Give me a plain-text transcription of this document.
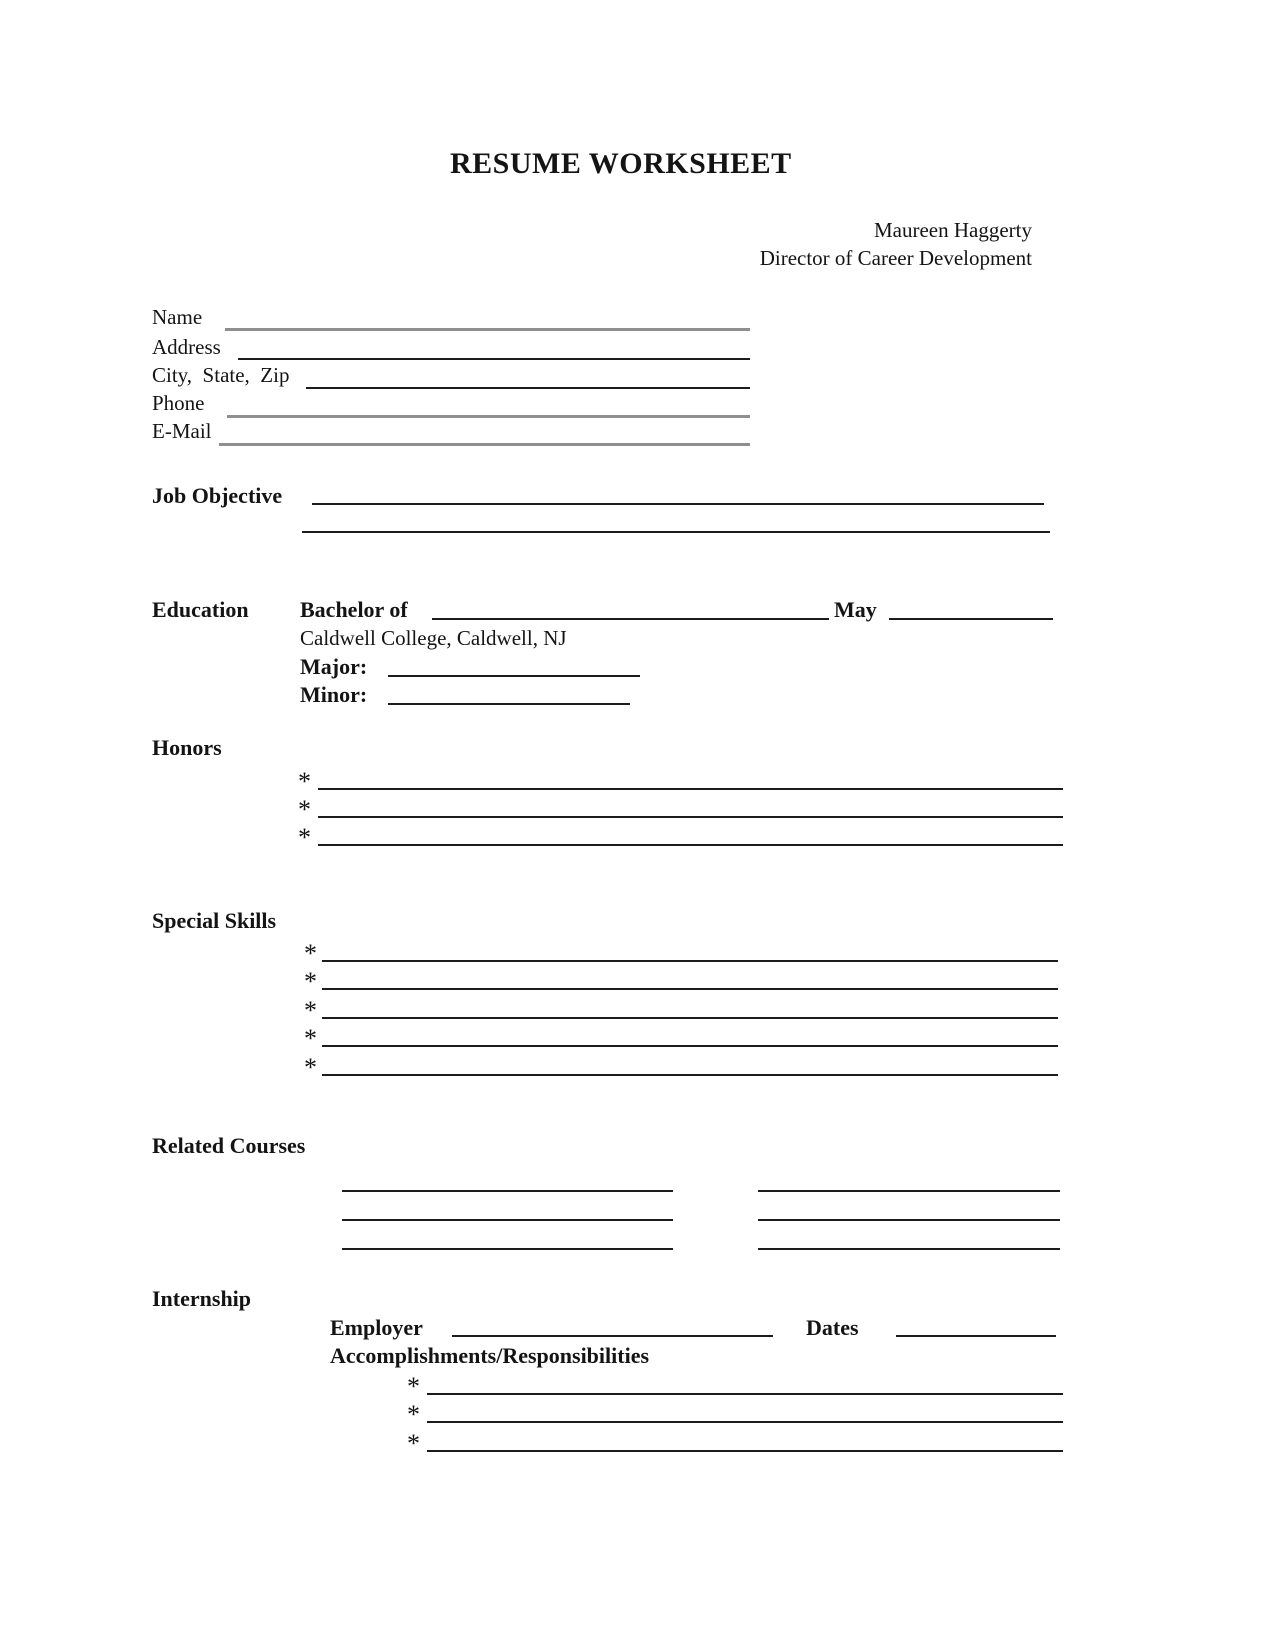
RESUME WORKSHEET
Maureen Haggerty
Director of Career Development
Name
Address
City,  State,  Zip
Phone
E-Mail
Job Objective
Education Bachelor of	May
Caldwell College, Caldwell, NJ
Major:
Minor:
Honors
*
*
*
Special Skills
*
*
*
*
*
Related Courses
Internship
Employer	Dates
Accomplishments/Responsibilities
*
*
*
